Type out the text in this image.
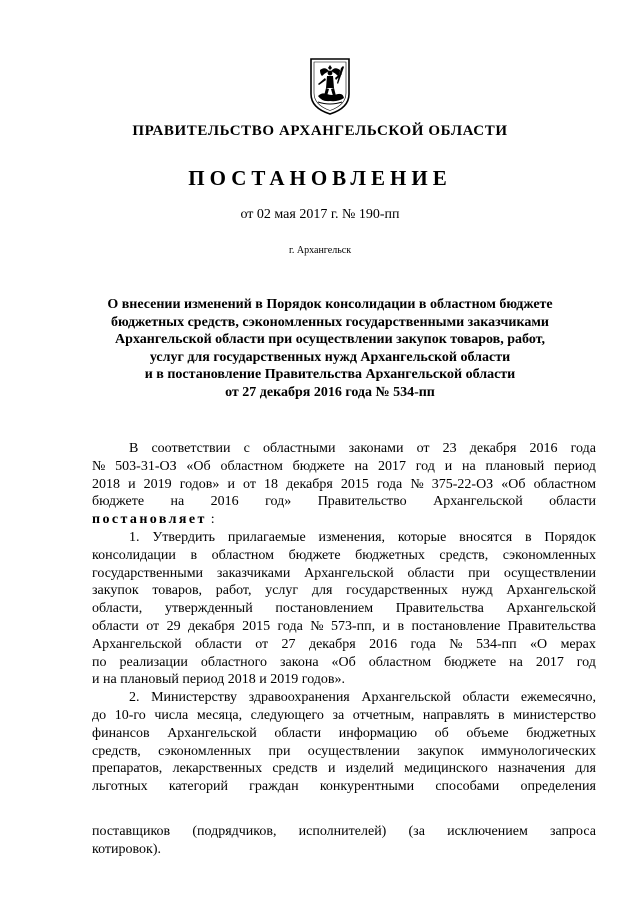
ПРАВИТЕЛЬСТВО АРХАНГЕЛЬСКОЙ ОБЛАСТИ
ПОСТАНОВЛЕНИЕ
от 02 мая 2017 г. № 190-пп
г. Архангельск
О внесении изменений в Порядок консолидации в областном бюджете
бюджетных средств, сэкономленных государственными заказчиками
Архангельской области при осуществлении закупок товаров, работ,
услуг для государственных нужд Архангельской области
и в постановление Правительства Архангельской области
от 27 декабря 2016 года № 534-пп
В соответствии с областными законами от 23 декабря 2016 года
№ 503-31-ОЗ «Об областном бюджете на 2017 год и на плановый период
2018 и 2019 годов» и от 18 декабря 2015 года № 375-22-ОЗ «Об областном
бюджете на 2016 год» Правительство Архангельской области
постановляет :
1. Утвердить прилагаемые изменения, которые вносятся в Порядок
консолидации в областном бюджете бюджетных средств, сэкономленных
государственными заказчиками Архангельской области при осуществлении
закупок товаров, работ, услуг для государственных нужд Архангельской
области, утвержденный постановлением Правительства Архангельской
области от 29 декабря 2015 года № 573-пп, и в постановление Правительства
Архангельской области от 27 декабря 2016 года № 534-пп «О мерах
по реализации областного закона «Об областном бюджете на 2017 год
и на плановый период 2018 и 2019 годов».
2. Министерству здравоохранения Архангельской области ежемесячно,
до 10-го числа месяца, следующего за отчетным, направлять в министерство
финансов Архангельской области информацию об объеме бюджетных
средств, сэкономленных при осуществлении закупок иммунологических
препаратов, лекарственных средств и изделий медицинского назначения для
льготных категорий граждан конкурентными способами определения
поставщиков (подрядчиков, исполнителей) (за исключением запроса
котировок).
